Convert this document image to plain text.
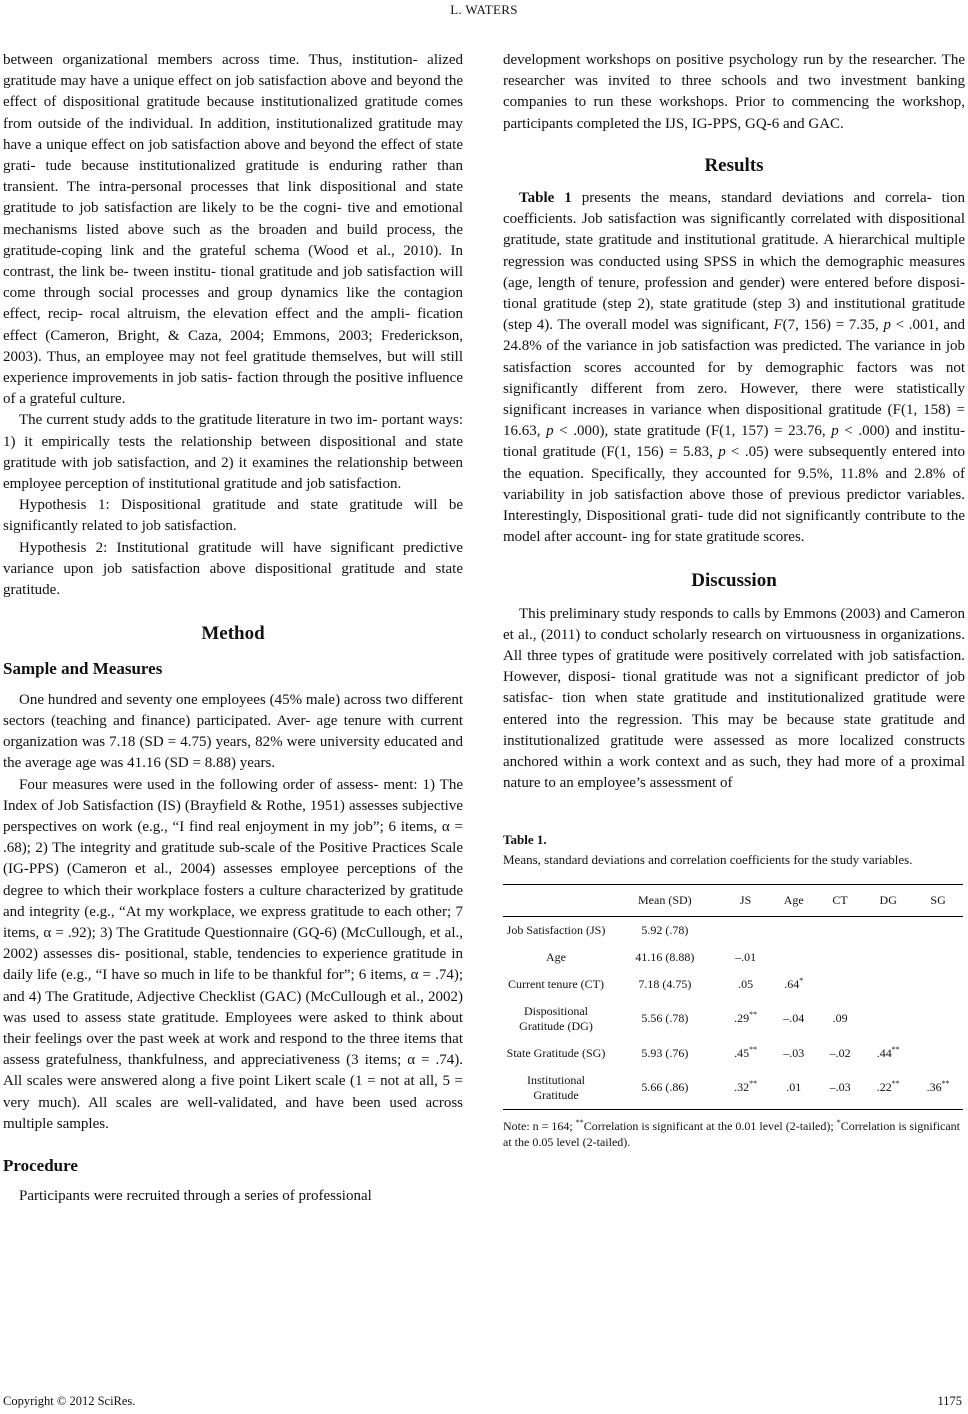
L. WATERS

between organizational members across time. Thus, institution- alized gratitude may have a unique effect on job satisfaction above and beyond the effect of dispositional gratitude because institutionalized gratitude comes from outside of the individual. In addition, institutionalized gratitude may have a unique effect on job satisfaction above and beyond the effect of state grati- tude because institutionalized gratitude is enduring rather than transient. The intra-personal processes that link dispositional and state gratitude to job satisfaction are likely to be the cogni- tive and emotional mechanisms listed above such as the broaden and build process, the gratitude-coping link and the grateful schema (Wood et al., 2010). In contrast, the link be- tween institu- tional gratitude and job satisfaction will come through social processes and group dynamics like the contagion effect, recip- rocal altruism, the elevation effect and the ampli- fication effect (Cameron, Bright, & Caza, 2004; Emmons, 2003; Frederickson, 2003). Thus, an employee may not feel gratitude themselves, but will still experience improvements in job satis- faction through the positive influence of a grateful culture.

The current study adds to the gratitude literature in two im- portant ways: 1) it empirically tests the relationship between dispositional and state gratitude with job satisfaction, and 2) it examines the relationship between employee perception of institutional gratitude and job satisfaction.

Hypothesis 1: Dispositional gratitude and state gratitude will be significantly related to job satisfaction.

Hypothesis 2: Institutional gratitude will have significant predictive variance upon job satisfaction above dispositional gratitude and state gratitude.

Method
Sample and Measures

One hundred and seventy one employees (45% male) across two different sectors (teaching and finance) participated. Aver- age tenure with current organization was 7.18 (SD = 4.75) years, 82% were university educated and the average age was 41.16 (SD = 8.88) years.

Four measures were used in the following order of assess- ment: 1) The Index of Job Satisfaction (IS) (Brayfield & Rothe, 1951) assesses subjective perspectives on work (e.g., “I find real enjoyment in my job”; 6 items, α = .68); 2) The integrity and gratitude sub-scale of the Positive Practices Scale (IG-PPS) (Cameron et al., 2004) assesses employee perceptions of the degree to which their workplace fosters a culture characterized by gratitude and integrity (e.g., “At my workplace, we express gratitude to each other; 7 items, α = .92); 3) The Gratitude Questionnaire (GQ-6) (McCullough, et al., 2002) assesses dis- positional, stable, tendencies to experience gratitude in daily life (e.g., “I have so much in life to be thankful for”; 6 items, α = .74); and 4) The Gratitude, Adjective Checklist (GAC) (McCullough et al., 2002) was used to assess state gratitude. Employees were asked to think about their feelings over the past week at work and respond to the three items that assess gratefulness, thankfulness, and appreciativeness (3 items; α = .74). All scales were answered along a five point Likert scale (1 = not at all, 5 = very much). All scales are well-validated, and have been used across multiple samples.

Procedure

Participants were recruited through a series of professional

development workshops on positive psychology run by the researcher. The researcher was invited to three schools and two investment banking companies to run these workshops. Prior to commencing the workshop, participants completed the IJS, IG-PPS, GQ-6 and GAC.

Results

Table 1 presents the means, standard deviations and correla- tion coefficients. Job satisfaction was significantly correlated with dispositional gratitude, state gratitude and institutional gratitude. A hierarchical multiple regression was conducted using SPSS in which the demographic measures (age, length of tenure, profession and gender) were entered before disposi- tional gratitude (step 2), state gratitude (step 3) and institutional gratitude (step 4). The overall model was significant, F(7, 156) = 7.35, p < .001, and 24.8% of the variance in job satisfaction was predicted. The variance in job satisfaction scores accounted for by demographic factors was not significantly different from zero. However, there were statistically significant increases in variance when dispositional gratitude (F(1, 158) = 16.63, p < .000), state gratitude (F(1, 157) = 23.76, p < .000) and institu- tional gratitude (F(1, 156) = 5.83, p < .05) were subsequently entered into the equation. Specifically, they accounted for 9.5%, 11.8% and 2.8% of variability in job satisfaction above those of previous predictor variables. Interestingly, Dispositional grati- tude did not significantly contribute to the model after account- ing for state gratitude scores.

Discussion

This preliminary study responds to calls by Emmons (2003) and Cameron et al., (2011) to conduct scholarly research on virtuousness in organizations. All three types of gratitude were positively correlated with job satisfaction. However, disposi- tional gratitude was not a significant predictor of job satisfac- tion when state gratitude and institutionalized gratitude were entered into the regression. This may be because state gratitude and institutionalized gratitude were assessed as more localized constructs anchored within a work context and as such, they had more of a proximal nature to an employee’s assessment of

Table 1.
Means, standard deviations and correlation coefficients for the study variables.
	Mean (SD)	JS	Age	CT	DG	SG
Job Satisfaction (JS)	5.92 (.78)					
Age	41.16 (8.88)	–.01				
Current tenure (CT)	7.18 (4.75)	.05	.64*			
Dispositional Gratitude (DG)	5.56 (.78)	.29**	–.04	.09		
State Gratitude (SG)	5.93 (.76)	.45**	–.03	–.02	.44**	
Institutional Gratitude	5.66 (.86)	.32**	.01	–.03	.22**	.36**
Note: n = 164; **Correlation is significant at the 0.01 level (2-tailed); *Correlation is significant at the 0.05 level (2-tailed).
Copyright © 2012 SciRes.	1175
